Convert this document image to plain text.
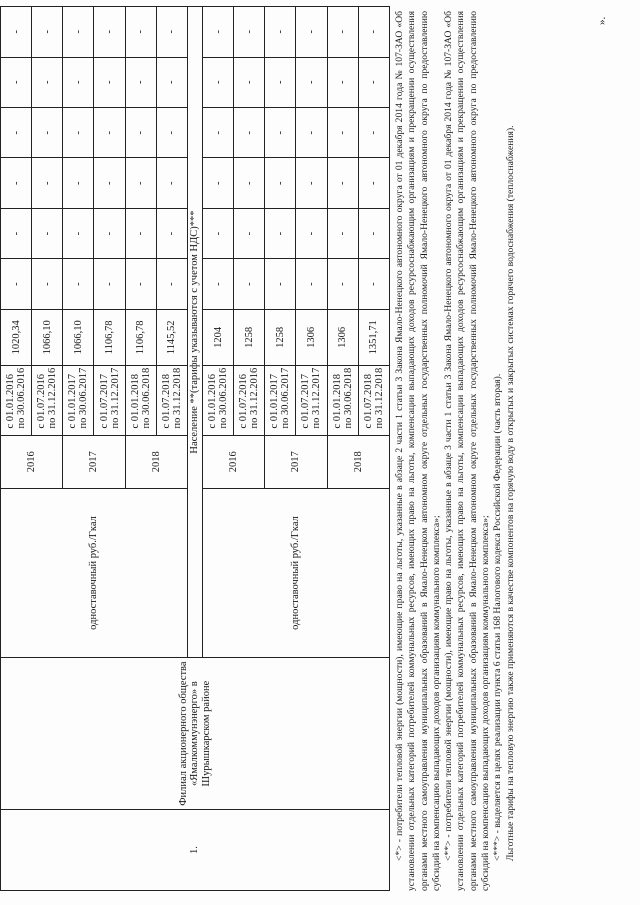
1.	Филиал акционерного общества «Ямалкоммунэнерго» в Шурышкарском районе	одноставочный руб./Гкал	2016	с 01.01.2016 по 30.06.2016	1020,34	-	-	-	-	-	-

				с 01.07.2016 по 31.12.2016	1066,10	-	-	-	-	-	-
			2017	с 01.01.2017 по 30.06.2017	1066,10	-	-	-	-	-	-

				с 01.07.2017 по 31.12.2017	1106,78	-	-	-	-	-	-
			2018	с 01.01.2018 по 30.06.2018	1106,78	-	-	-	-	-	-

				с 01.07.2018 по 31.12.2018	1145,52	-	-	-	-	-	-
		Население **(тарифы указываются с учетом НДС)***									
		одноставочный руб./Гкал	2016	с 01.01.2016 по 30.06.2016	1204	-	-	-	-	-	-

				с 01.07.2016 по 31.12.2016	1258	-	-	-	-	-	-
			2017	с 01.01.2017 по 30.06.2017	1258	-	-	-	-	-	-

				с 01.07.2017 по 31.12.2017	1306	-	-	-	-	-	-
			2018	с 01.01.2018 по 30.06.2018	1306	-	-	-	-	-	-

				с 01.07.2018 по 31.12.2018	1351,71	-	-	-	-	-	- <*> - потребители тепловой энергии (мощности), имеющие право на льготы, указанные в абзаце 2 части 1 статьи 3 Закона Ямало-Ненецкого автономного округа от 01 декабря 2014 года № 107-ЗАО «Об установлении отдельных категорий потребителей коммунальных ресурсов, имеющих право на льготы, компенсации выпадающих доходов ресурсоснабжающим организациям и прекращении осуществления органами местного самоуправления муниципальных образований в Ямало-Ненецком автономном округе отдельных государственных полномочий Ямало-Ненецкого автономного округа по предоставлению субсидий на компенсацию выпадающих доходов организациям коммунального комплекса»; <**> - потребители тепловой энергии (мощности), имеющие право на льготы, указанные в абзаце 3 части 1 статьи 3 Закона Ямало-Ненецкого автономного округа от 01 декабря 2014 года № 107-ЗАО «Об установлении отдельных категорий потребителей коммунальных ресурсов, имеющих право на льготы, компенсации выпадающих доходов ресурсоснабжающим организациям и прекращении осуществления органами местного самоуправления муниципальных образований в Ямало-Ненецком автономном округе отдельных государственных полномочий Ямало-Ненецкого автономного округа по предоставлению субсидий на компенсацию выпадающих доходов организациям коммунального комплекса»; <***> - выделяется в целях реализации пункта 6 статьи 168 Налогового кодекса Российской Федерации (часть вторая). Льготные тарифы на тепловую энергию также применяются в качестве компонентов на горячую воду в открытых и закрытых системах горячего водоснабжения (теплоснабжения).

».
